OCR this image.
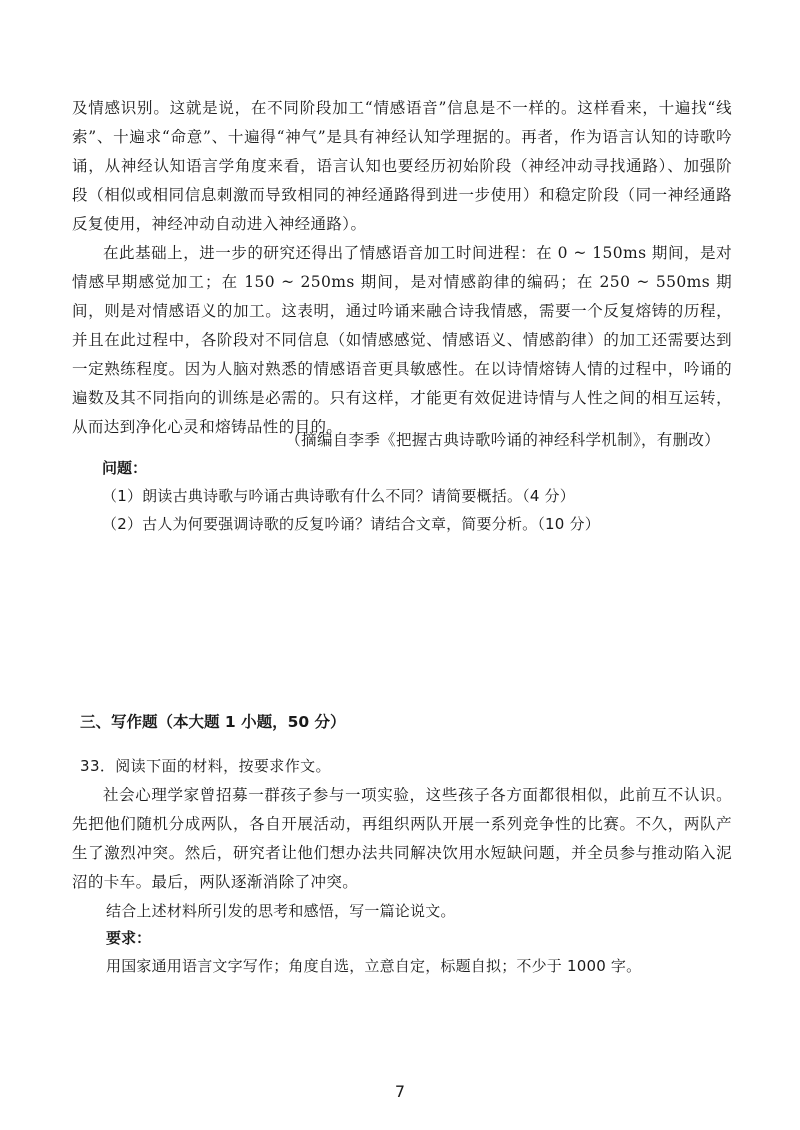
及情感识别。这就是说，在不同阶段加工“情感语音”信息是不一样的。这样看来，十遍找“线索”、十遍求“命意”、十遍得“神气”是具有神经认知学理据的。再者，作为语言认知的诗歌吟诵，从神经认知语言学角度来看，语言认知也要经历初始阶段（神经冲动寻找通路）、加强阶段（相似或相同信息刺激而导致相同的神经通路得到进一步使用）和稳定阶段（同一神经通路反复使用，神经冲动自动进入神经通路）。

在此基础上，进一步的研究还得出了情感语音加工时间进程：在 0 ~ 150ms 期间，是对情感早期感觉加工；在 150 ~ 250ms 期间，是对情感韵律的编码；在 250 ~ 550ms 期间，则是对情感语义的加工。这表明，通过吟诵来融合诗我情感，需要一个反复熔铸的历程，并且在此过程中，各阶段对不同信息（如情感感觉、情感语义、情感韵律）的加工还需要达到一定熟练程度。因为人脑对熟悉的情感语音更具敏感性。在以诗情熔铸人情的过程中，吟诵的遍数及其不同指向的训练是必需的。只有这样，才能更有效促进诗情与人性之间的相互运转，从而达到净化心灵和熔铸品性的目的。

（摘编自李季《把握古典诗歌吟诵的神经科学机制》，有删改）

问题：

（1）朗读古典诗歌与吟诵古典诗歌有什么不同？请简要概括。（4 分）

（2）古人为何要强调诗歌的反复吟诵？请结合文章，简要分析。（10 分）

三、写作题（本大题 1 小题，50 分）

33．阅读下面的材料，按要求作文。

社会心理学家曾招募一群孩子参与一项实验，这些孩子各方面都很相似，此前互不认识。先把他们随机分成两队，各自开展活动，再组织两队开展一系列竞争性的比赛。不久，两队产生了激烈冲突。然后，研究者让他们想办法共同解决饮用水短缺问题，并全员参与推动陷入泥沼的卡车。最后，两队逐渐消除了冲突。

结合上述材料所引发的思考和感悟，写一篇论说文。

要求：

用国家通用语言文字写作；角度自选，立意自定，标题自拟；不少于 1000 字。

7
